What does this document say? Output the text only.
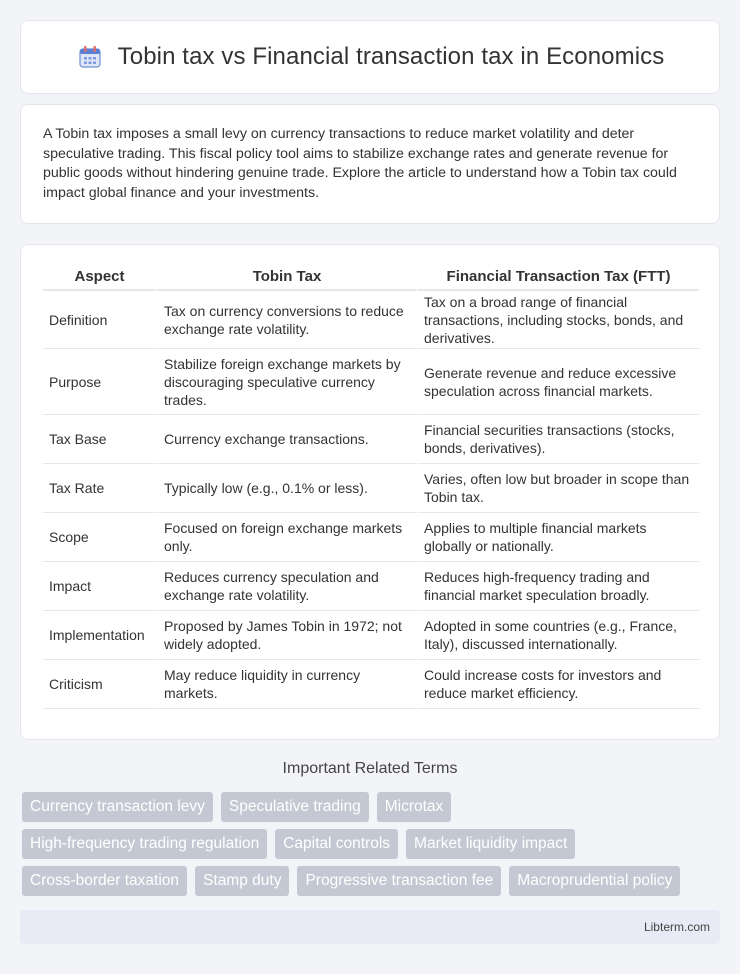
Tobin tax vs Financial transaction tax in Economics

A Tobin tax imposes a small levy on currency transactions to reduce market volatility and deter speculative trading. This fiscal policy tool aims to stabilize exchange rates and generate revenue for public goods without hindering genuine trade. Explore the article to understand how a Tobin tax could impact global finance and your investments.

Aspect	Tobin Tax	Financial Transaction Tax (FTT)
Definition	Tax on currency conversions to reduce exchange rate volatility.	Tax on a broad range of financial transactions, including stocks, bonds, and derivatives.
Purpose	Stabilize foreign exchange markets by discouraging speculative currency trades.	Generate revenue and reduce excessive speculation across financial markets.
Tax Base	Currency exchange transactions.	Financial securities transactions (stocks, bonds, derivatives).
Tax Rate	Typically low (e.g., 0.1% or less).	Varies, often low but broader in scope than Tobin tax.
Scope	Focused on foreign exchange markets only.	Applies to multiple financial markets globally or nationally.
Impact	Reduces currency speculation and exchange rate volatility.	Reduces high-frequency trading and financial market speculation broadly.
Implementation	Proposed by James Tobin in 1972; not widely adopted.	Adopted in some countries (e.g., France, Italy), discussed internationally.
Criticism	May reduce liquidity in currency markets.	Could increase costs for investors and reduce market efficiency.
Important Related Terms
Currency transaction levy	Speculative trading	Microtax
High-frequency trading regulation	Capital controls	Market liquidity impact
Cross-border taxation	Stamp duty	Progressive transaction fee	Macroprudential policy
Libterm.com
